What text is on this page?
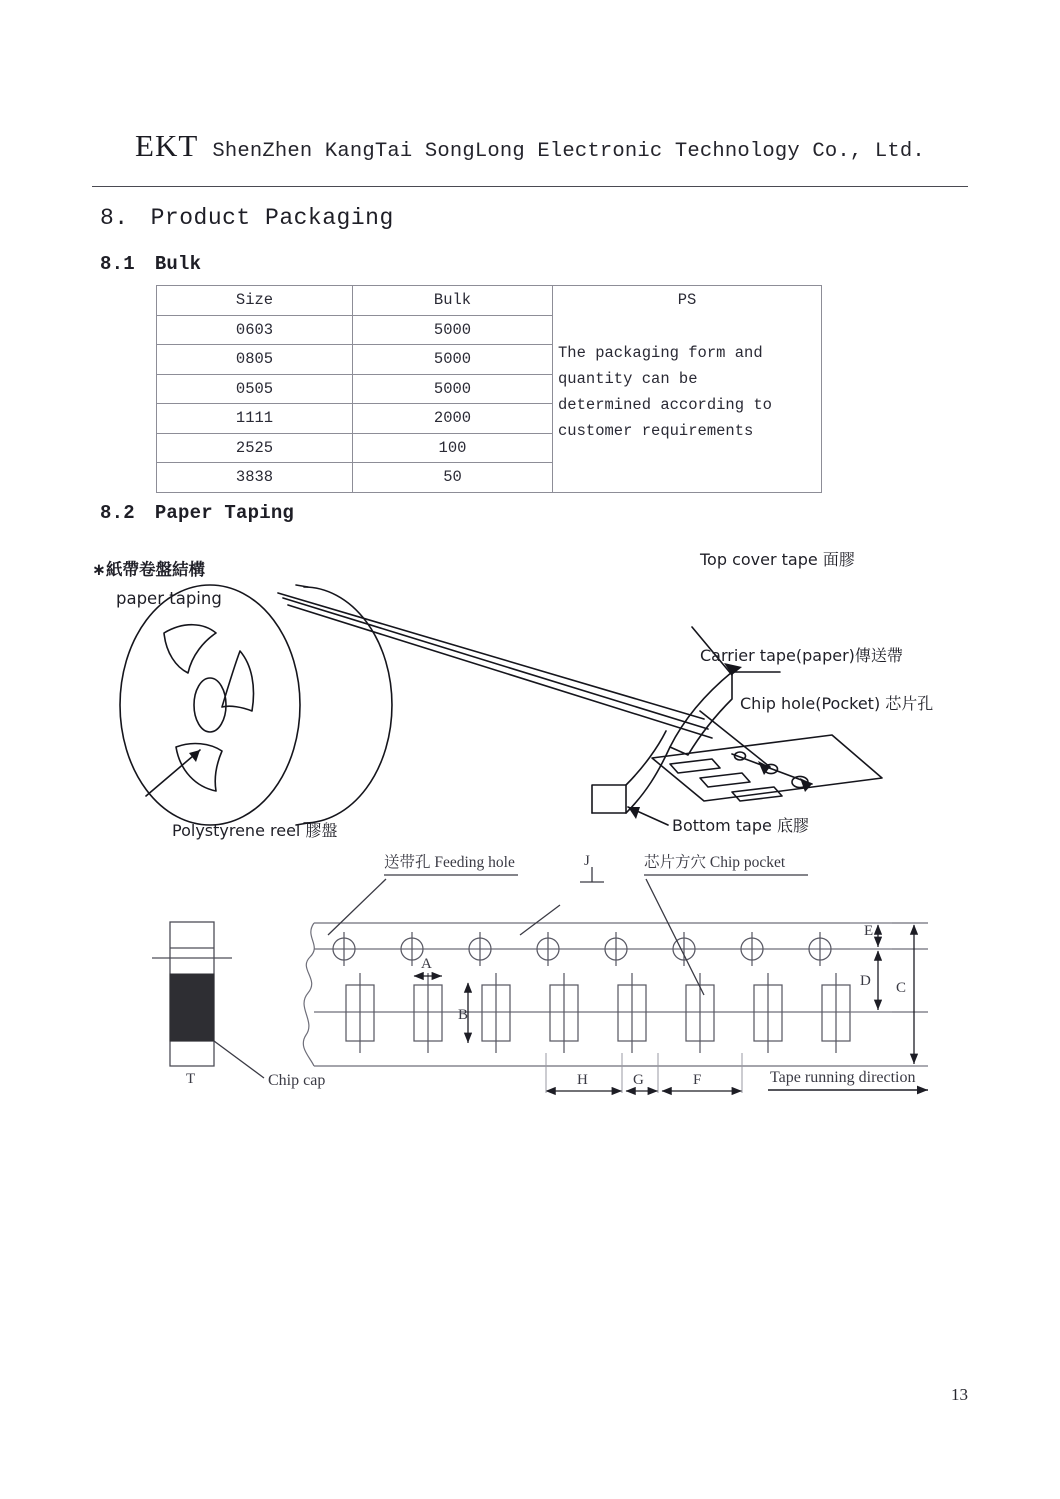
EKT ShenZhen KangTai SongLong Electronic Technology Co., Ltd.
8. Product Packaging
8.1 Bulk
Size	Bulk	PS
0603	5000	
0805	5000	
0505	5000	
1111	2000	
2525	100	
3838	50	
The packaging form and
quantity can be
determined according to
customer requirements
8.2 Paper Taping
紙帶卷盤結構
∗
paper taping
Top cover tape 面膠
Carrier tape(paper)傳送帶
Chip hole(Pocket) 芯片孔
Bottom tape 底膠
Polystyrene reel 膠盤
T	Chip cap
A
B
E
D C
H	G	F	Tape running direction
送带孔 Feeding hole	芯片方穴 Chip pocket
J
13
